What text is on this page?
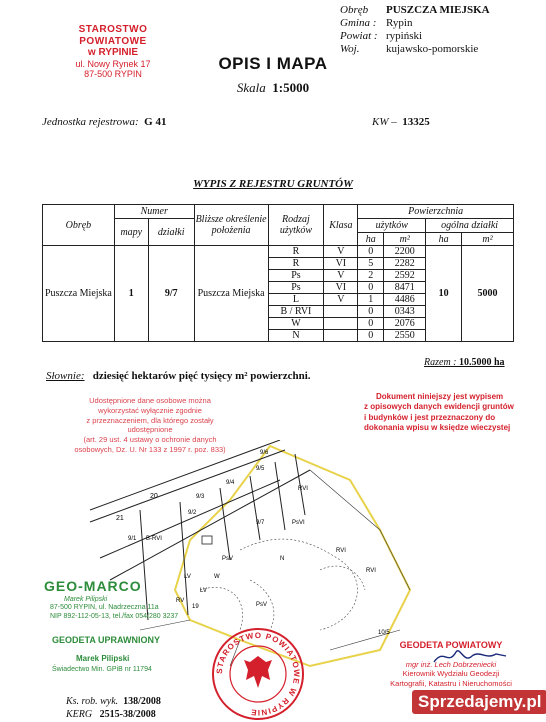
STAROSTWO POWIATOWE
w RYPINIE
ul. Nowy Rynek 17
87-500 RYPIN
Obręb	PUSZCZA MIEJSKA
Gmina : Rypin
Powiat : rypiński
Woj.	kujawsko-pomorskie
OPIS I MAPA
Skala 1:5000
Jednostka rejestrowa: G 41	KW – 13325
WYPIS Z REJESTRU GRUNTÓW
Obręb	Numer		Bliższe określenie położenia	Rodzaj użytków	Klasa	Powierzchnia			
	mapy	działki				użytków		ogólna działki	
						ha	m²	ha	m²
Puszcza Miejska	1	9/7	Puszcza Miejska	R	V	0	2200	10	5000
				R	VI	5	2282		
				Ps	V	2	2592		
				Ps	VI	0	8471		
				L	V	1	4486		
				B / RVI		0	0343		
				W		0	2076		
				N		0	2550		
Razem : 10.5000 ha
Słownie: dziesięć hektarów pięć tysięcy m² powierzchni.
Udostępnione dane osobowe można
wykorzystać wyłącznie zgodnie
z przeznaczeniem, dla którego zostały
udostępnione
(art. 29 ust. 4 ustawy o ochronie danych
osobowych, Dz. U. Nr 133 z 1997 r. poz. 833)
Dokument niniejszy jest wypisem
z opisowych danych ewidencji gruntów
i budynków i jest przeznaczony do
dokonania wpisu w księdze wieczystej
20
21
9/1 B-RVI
9/2
9/3
9/4
9/5
9/6
9/7
RVI
RVI
RVI
PsVI
PsV
PsV
LV
LV
RV
W
N
19
10/5
GEO-MARCO
Marek Pilipski
87-500 RYPIN, ul. Nadrzeczna 11a
NIP 892-112-05-13, tel./fax 054/280 3237
GEODETA UPRAWNIONY
Marek Pilipski
Świadectwo Min. GPiB nr 11794	STAROSTWO POWIATOWE W RYPINIE
GEODETA POWIATOWY
mgr inż. Lech Dobrzeniecki
Kierownik Wydziału Geodezji
Kartografii, Katastru i Nieruchomości
Ks. rob. wyk. 138/2008
KERG 2515-38/2008
Sprzedajemy.pl
